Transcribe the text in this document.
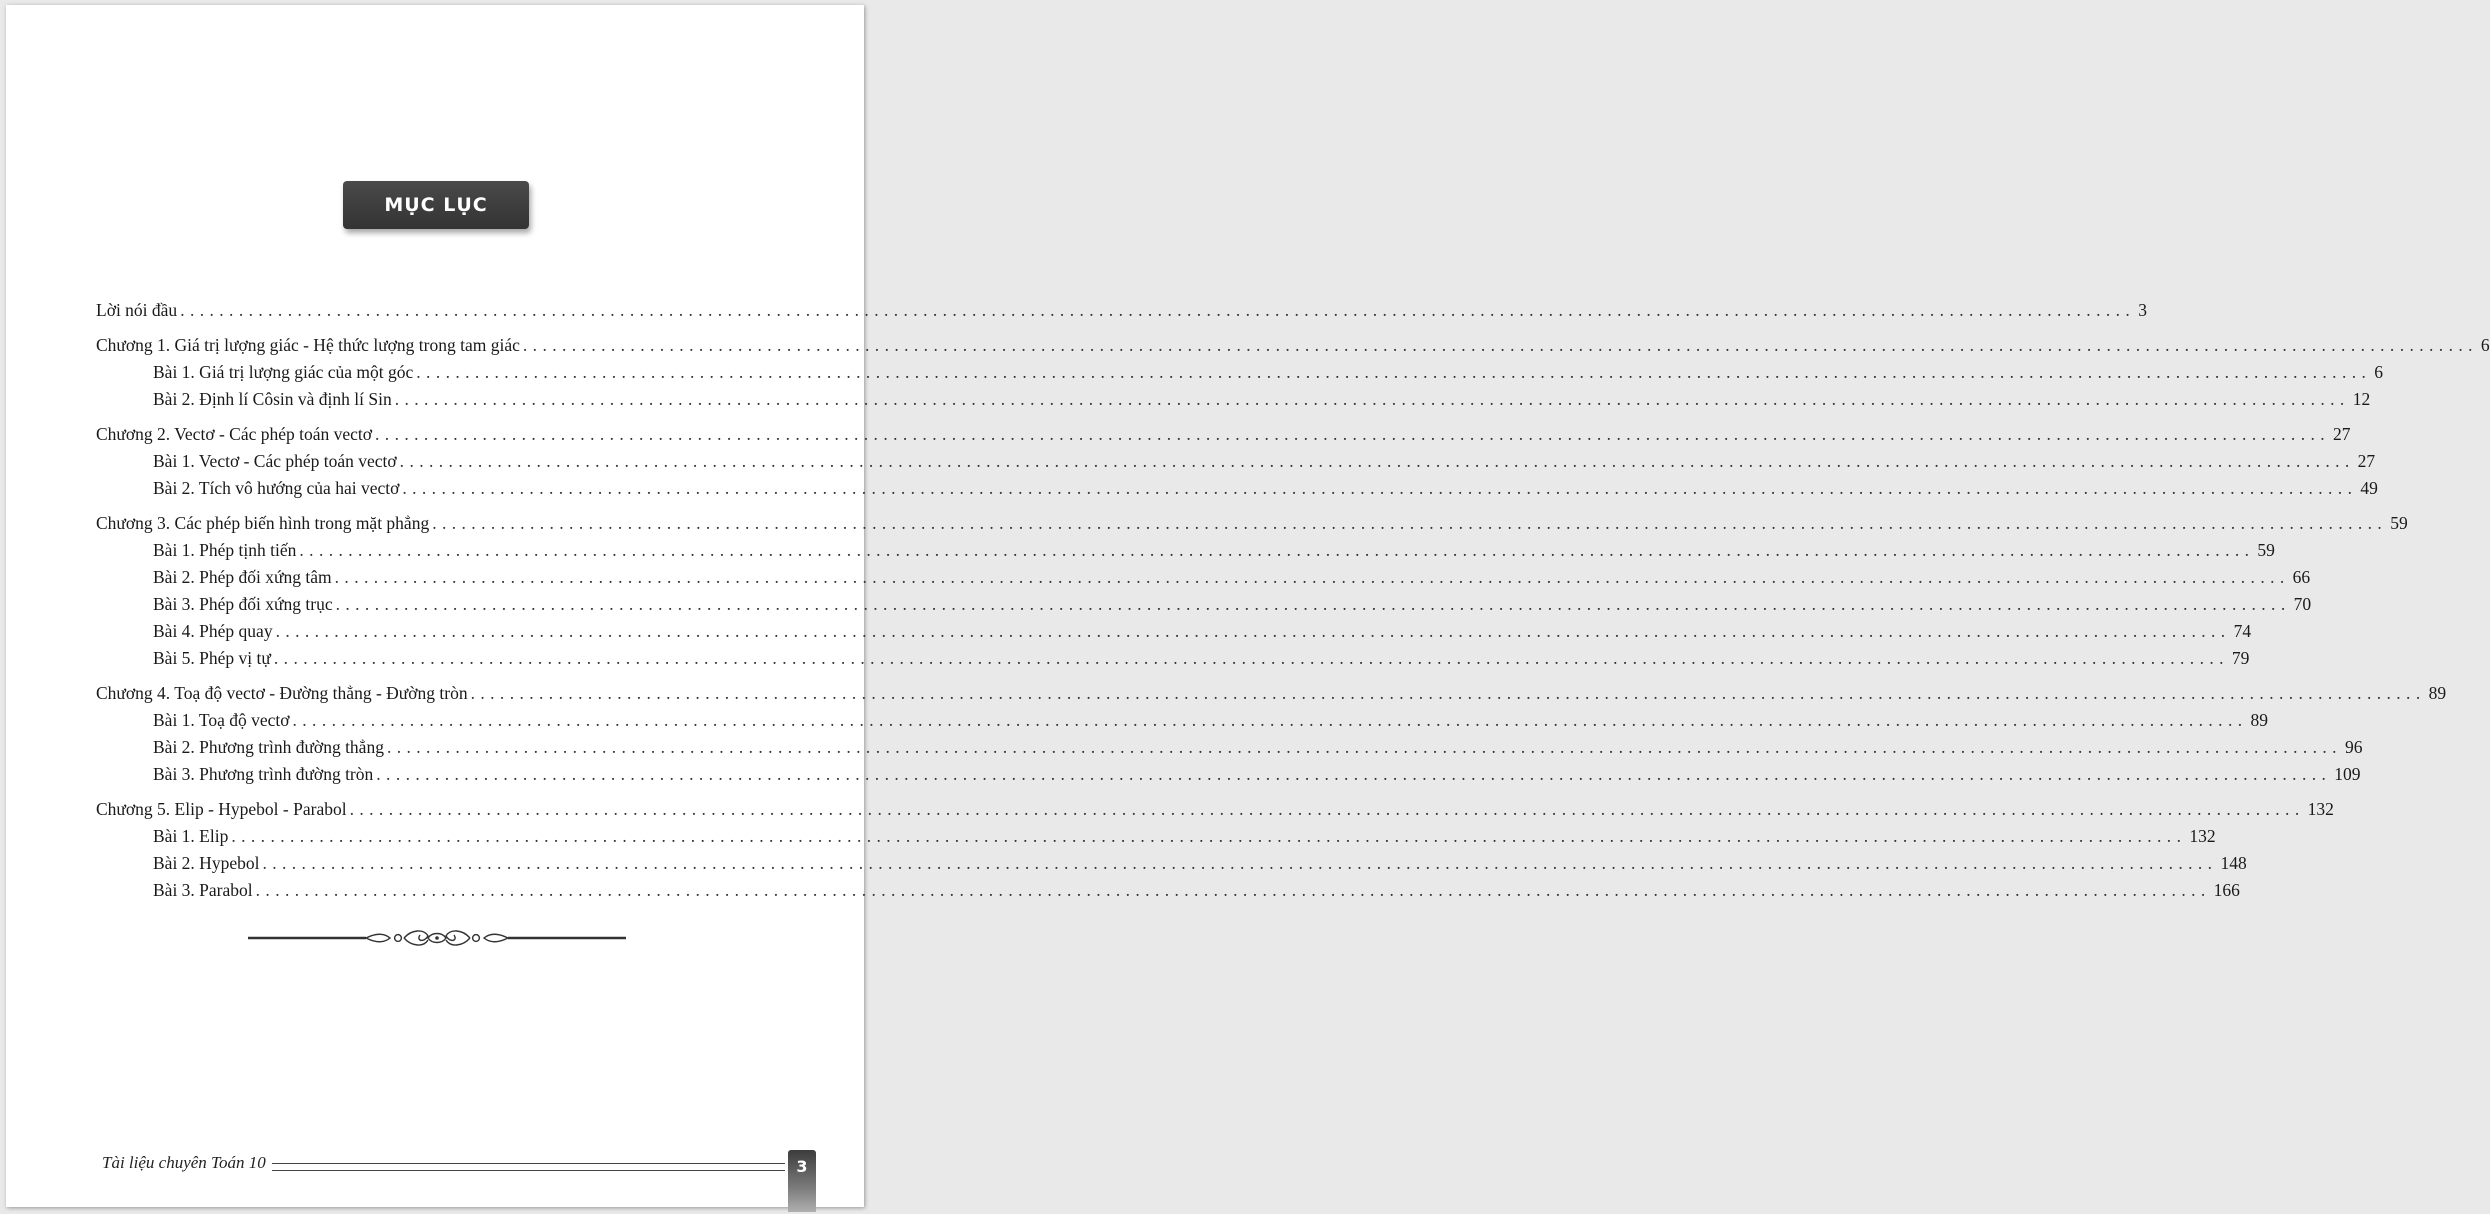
MỤC LỤC
Lời nói đầu ........................................................................................................................................................................................................ 3
Chương 1. Giá trị lượng giác - Hệ thức lượng trong tam giác ........................................................................................................................................................................................................ 6
Bài 1. Giá trị lượng giác của một góc ........................................................................................................................................................................................................ 6
Bài 2. Định lí Côsin và định lí Sin ........................................................................................................................................................................................................ 12
Chương 2. Vectơ - Các phép toán vectơ ........................................................................................................................................................................................................ 27
Bài 1. Vectơ - Các phép toán vectơ ........................................................................................................................................................................................................ 27
Bài 2. Tích vô hướng của hai vectơ ........................................................................................................................................................................................................ 49
Chương 3. Các phép biến hình trong mặt phẳng ........................................................................................................................................................................................................ 59
Bài 1. Phép tịnh tiến ........................................................................................................................................................................................................ 59
Bài 2. Phép đối xứng tâm ........................................................................................................................................................................................................ 66
Bài 3. Phép đối xứng trục ........................................................................................................................................................................................................ 70
Bài 4. Phép quay ........................................................................................................................................................................................................ 74
Bài 5. Phép vị tự ........................................................................................................................................................................................................ 79
Chương 4. Toạ độ vectơ - Đường thẳng - Đường tròn ........................................................................................................................................................................................................ 89
Bài 1. Toạ độ vectơ ........................................................................................................................................................................................................ 89
Bài 2. Phương trình đường thẳng ........................................................................................................................................................................................................ 96
Bài 3. Phương trình đường tròn ........................................................................................................................................................................................................ 109
Chương 5. Elip - Hypebol - Parabol ........................................................................................................................................................................................................ 132
Bài 1. Elip ........................................................................................................................................................................................................ 132
Bài 2. Hypebol ........................................................................................................................................................................................................ 148
Bài 3. Parabol ........................................................................................................................................................................................................ 166
Tài liệu chuyên Toán 10	3
